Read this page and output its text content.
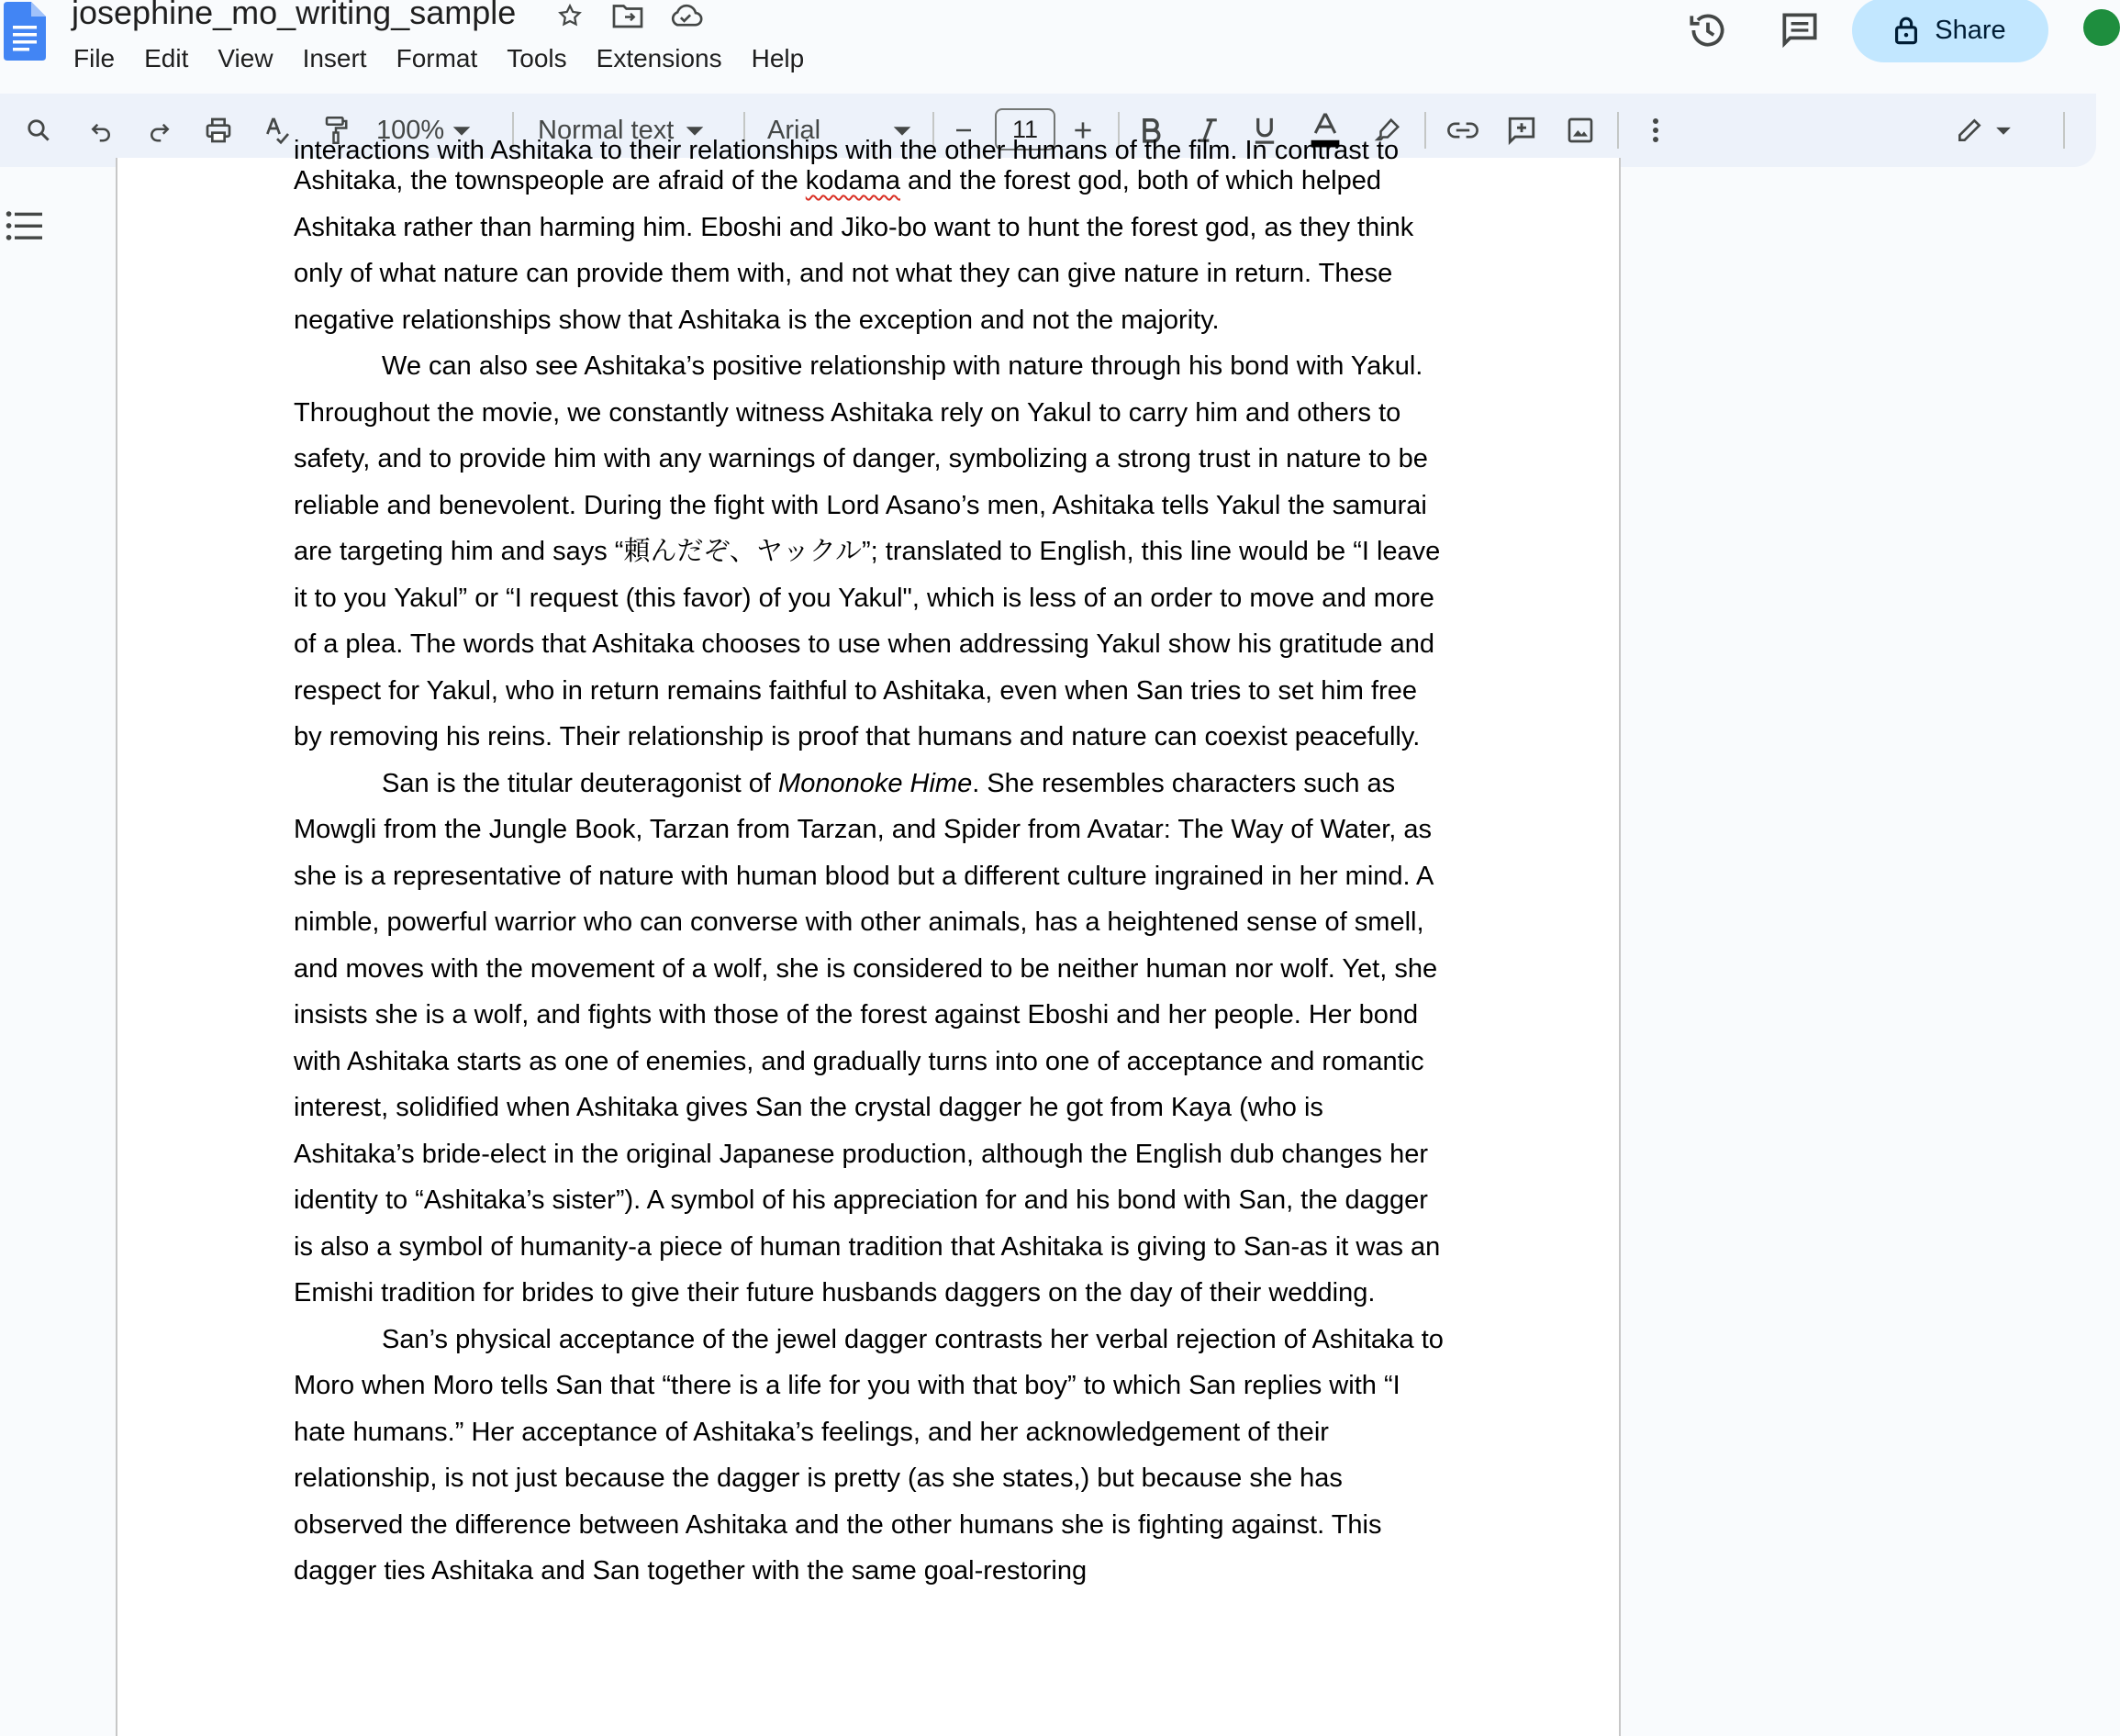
josephine_mo_writing_sample
File	Edit	View	Insert	Format	Tools	Extensions	Help
Share
100%	Normal text	Arial	11
interactions with Ashitaka to their relationships with the other humans of the film. In contrast to

Ashitaka, the townspeople are afraid of the kodama and the forest god, both of which helped Ashitaka rather than harming him. Eboshi and Jiko-bo want to hunt the forest god, as they think only of what nature can provide them with, and not what they can give nature in return. These negative relationships show that Ashitaka is the exception and not the majority.

We can also see Ashitaka’s positive relationship with nature through his bond with Yakul. Throughout the movie, we constantly witness Ashitaka rely on Yakul to carry him and others to safety, and to provide him with any warnings of danger, symbolizing a strong trust in nature to be reliable and benevolent. During the fight with Lord Asano’s men, Ashitaka tells Yakul the samurai are targeting him and says “頼んだぞ、ヤックル”; translated to English, this line would be “I leave it to you Yakul” or “I request (this favor) of you Yakul", which is less of an order to move and more of a plea. The words that Ashitaka chooses to use when addressing Yakul show his gratitude and respect for Yakul, who in return remains faithful to Ashitaka, even when San tries to set him free by removing his reins. Their relationship is proof that humans and nature can coexist peacefully.

San is the titular deuteragonist of Mononoke Hime. She resembles characters such as Mowgli from the Jungle Book, Tarzan from Tarzan, and Spider from Avatar: The Way of Water, as she is a representative of nature with human blood but a different culture ingrained in her mind. A nimble, powerful warrior who can converse with other animals, has a heightened sense of smell, and moves with the movement of a wolf, she is considered to be neither human nor wolf. Yet, she insists she is a wolf, and fights with those of the forest against Eboshi and her people. Her bond with Ashitaka starts as one of enemies, and gradually turns into one of acceptance and romantic interest, solidified when Ashitaka gives San the crystal dagger he got from Kaya (who is Ashitaka’s bride-elect in the original Japanese production, although the English dub changes her identity to “Ashitaka’s sister”). A symbol of his appreciation for and his bond with San, the dagger is also a symbol of humanity-a piece of human tradition that Ashitaka is giving to San-as it was an Emishi tradition for brides to give their future husbands daggers on the day of their wedding.

San’s physical acceptance of the jewel dagger contrasts her verbal rejection of Ashitaka to Moro when Moro tells San that “there is a life for you with that boy” to which San replies with “I hate humans.” Her acceptance of Ashitaka’s feelings, and her acknowledgement of their relationship, is not just because the dagger is pretty (as she states,) but because she has observed the difference between Ashitaka and the other humans she is fighting against. This dagger ties Ashitaka and San together with the same goal-restoring
